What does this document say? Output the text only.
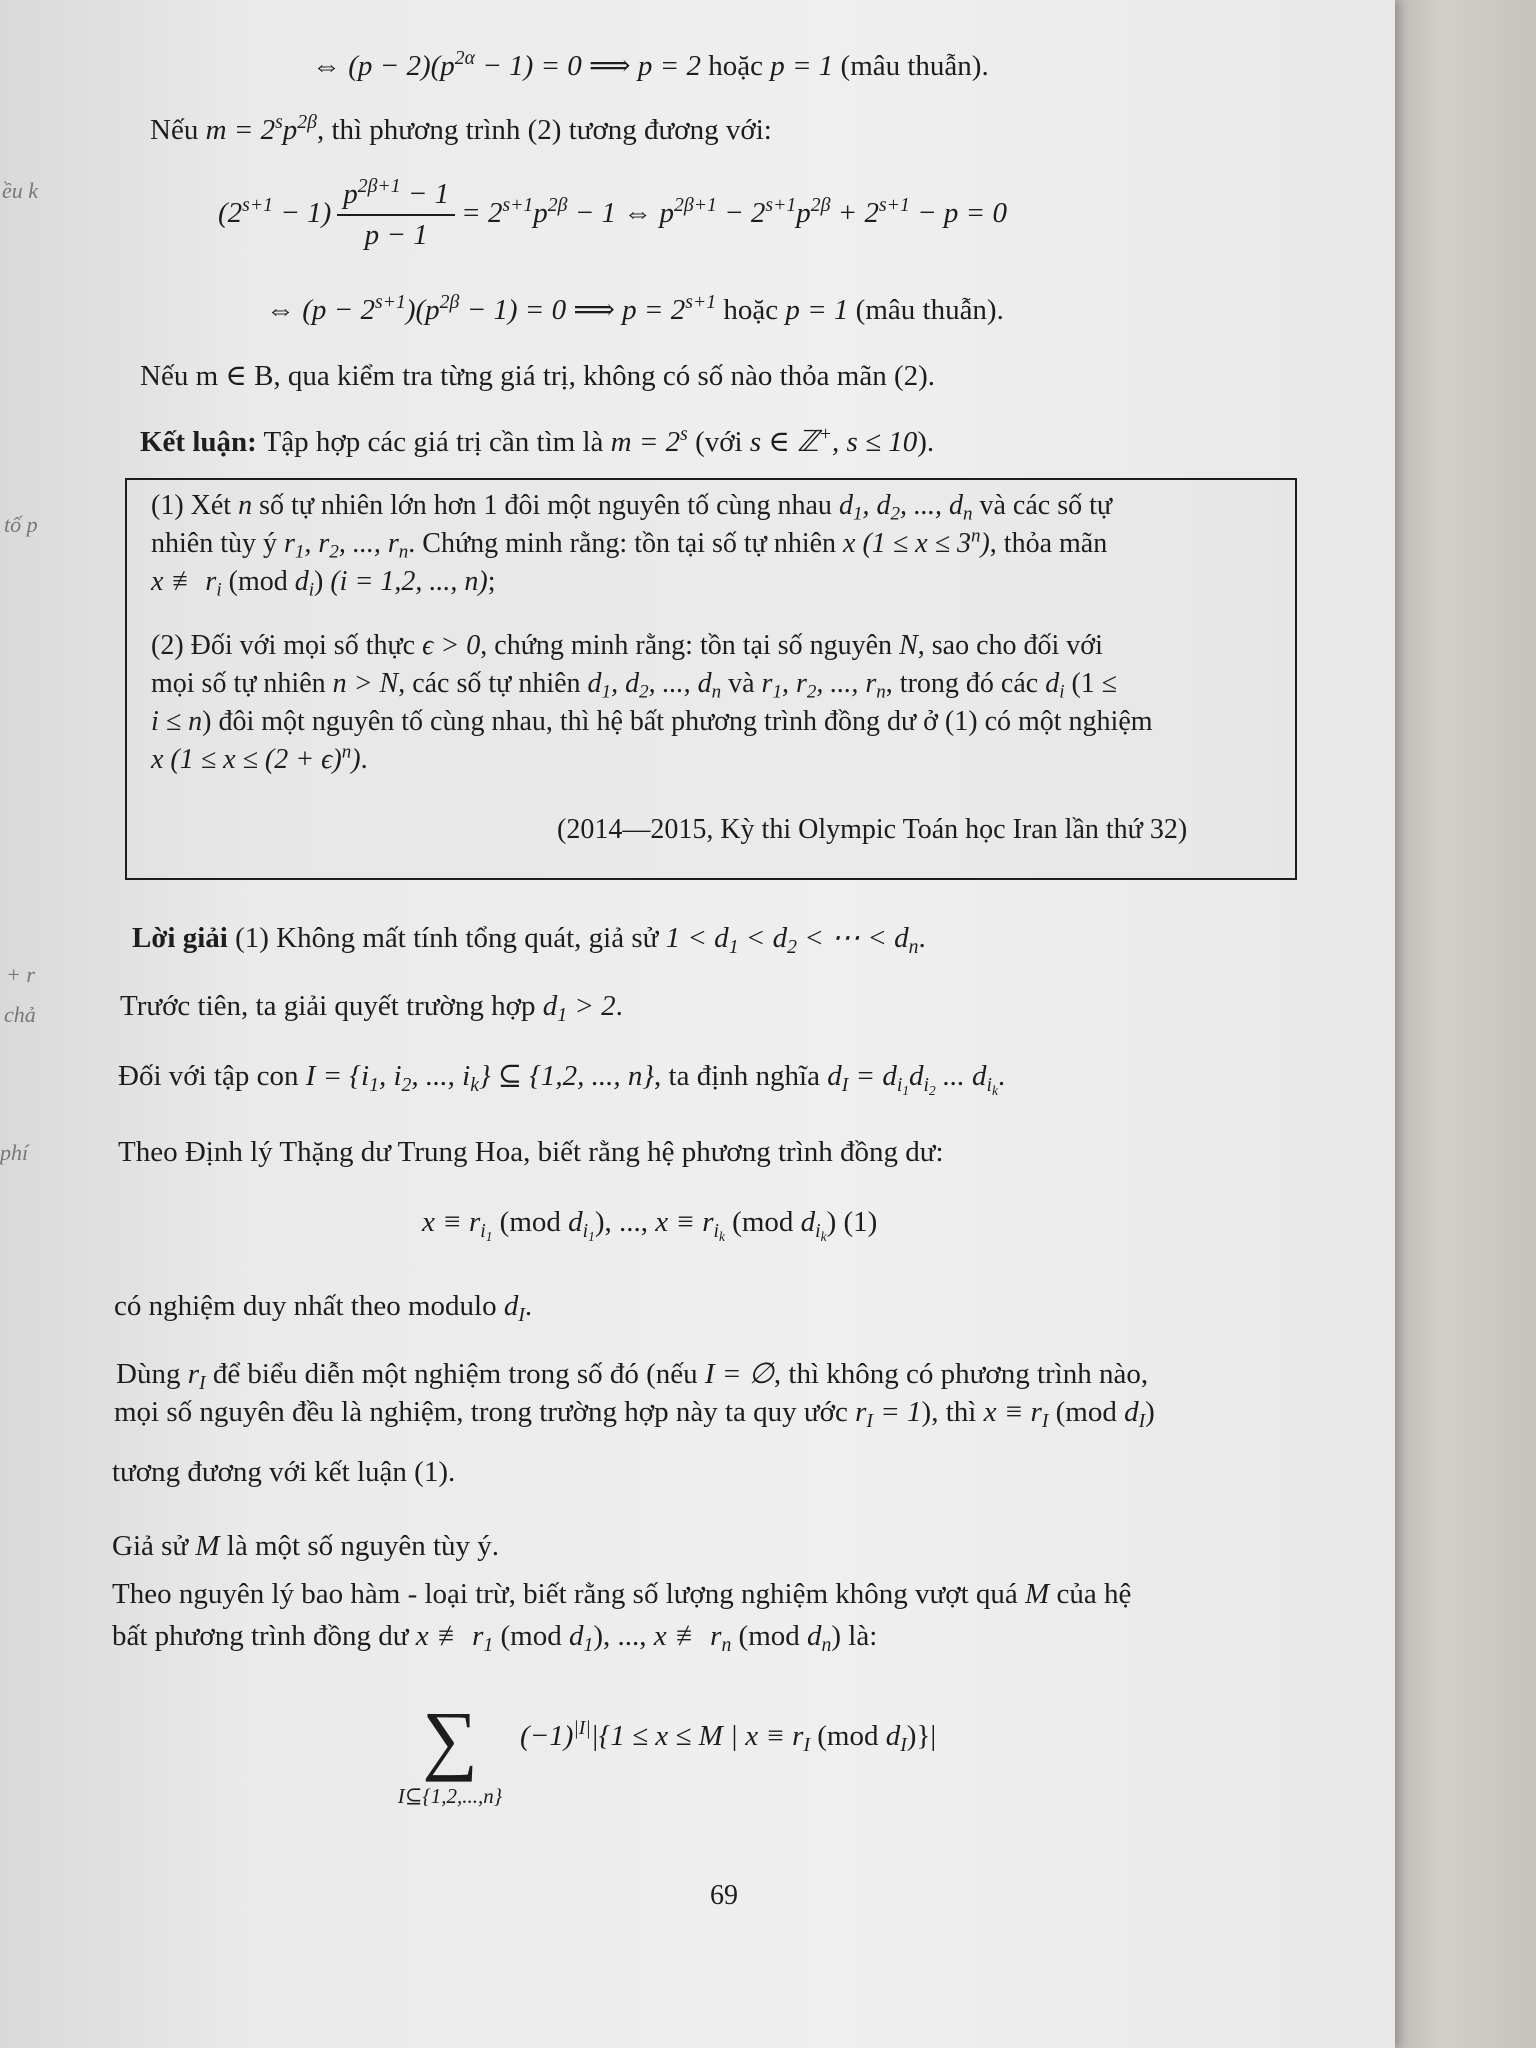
ều k
tố p
+ r
chả
phí
⇔ $(p - 2)(p^{2\alpha} - 1) = 0$ ⟹ p = 2 hoặc p = 1 (mâu thuẫn).
Nếu $m = 2^sp^{2\beta}$, thì phương trình (2) tương đương với:
$(2^{s+1} - 1) \frac{p^{2\beta+1} - 1}{p - 1} = 2^{s+1}p^{2\beta} - 1$ ⇔ $p^{2\beta+1} - 2^{s+1}p^{2\beta} + 2^{s+1} - p = 0$
⇔ $(p - 2^{s+1})(p^{2\beta} - 1) = 0$ ⟹ $p = 2^{s+1}$ hoặc p = 1 (mâu thuẫn).
Nếu m ∈ B, qua kiểm tra từng giá trị, không có số nào thỏa mãn (2).
Kết luận: Tập hợp các giá trị cần tìm là $m = 2^s$ (với s ∈ ℤ+, s ≤ 10).
(1) Xét n số tự nhiên lớn hơn 1 đôi một nguyên tố cùng nhau $d_1$, $d_2$, ..., $d_n$ và các số tự
nhiên tùy ý $r_1$, $r_2$, ..., $r_n$. Chứng minh rằng: tồn tại số tự nhiên x $(1 \le x \le 3^n)$, thỏa mãn
x ≢ $r_i$ (mod $d_i$) (i = 1,2, ..., n);
(2) Đối với mọi số thực ϵ > 0, chứng minh rằng: tồn tại số nguyên N, sao cho đối với
mọi số tự nhiên n > N, các số tự nhiên $d_1$, $d_2$, ..., $d_n$ và $r_1$, $r_2$, ..., $r_n$, trong đó các $d_i$ (1 ≤
i ≤ n) đôi một nguyên tố cùng nhau, thì hệ bất phương trình đồng dư ở (1) có một nghiệm
x $(1 \le x \le (2 + \epsilon)^n)$.
(2014—2015, Kỳ thi Olympic Toán học Iran lần thứ 32)
Lời giải (1) Không mất tính tổng quát, giả sử $1 < d_1 < d_2$ < ⋯ < $d_n$.
Trước tiên, ta giải quyết trường hợp $d_1 > 2$.
Đối với tập con $I = \{i_1$, $i_2$, ..., $i_k$} ⊆ {1,2, ..., n}, ta định nghĩa $d_I = d_{i_1}d_{i_2}$ ... $d_{i_k}$.
Theo Định lý Thặng dư Trung Hoa, biết rằng hệ phương trình đồng dư:
$x \equiv r_{i_1}$ (mod $d_{i_1}$), ..., $x \equiv r_{i_k}$ (mod $d_{i_k}$) (1)
có nghiệm duy nhất theo modulo $d_I$.
Dùng $r_I$ để biểu diễn một nghiệm trong số đó (nếu I = ∅, thì không có phương trình nào,
mọi số nguyên đều là nghiệm, trong trường hợp này ta quy ước $r_I = 1$), thì $x \equiv r_I$ (mod $d_I$)
tương đương với kết luận (1).
Giả sử M là một số nguyên tùy ý.
Theo nguyên lý bao hàm - loại trừ, biết rằng số lượng nghiệm không vượt quá M của hệ
bất phương trình đồng dư x ≢ $r_1$ (mod $d_1$), ..., x ≢ $r_n$ (mod $d_n$) là:
∑
I⊆{1,2,...,n}
$(-1)^{|I|}|\{1 \le x \le M$ | $x \equiv r_I$ (mod $d_I)\}|$
69
